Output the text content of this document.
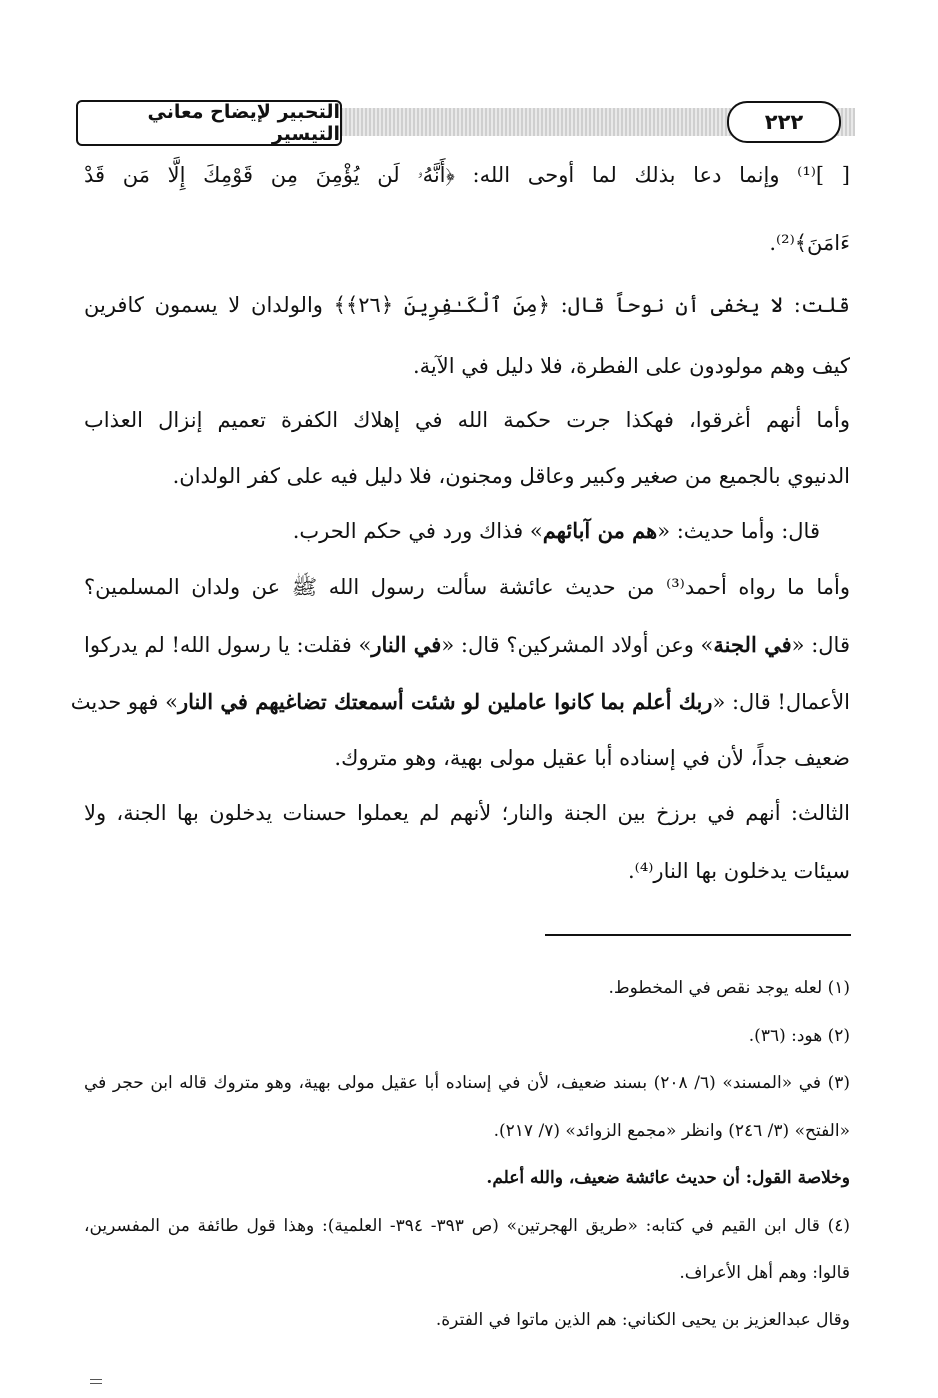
التحبير لإيضاح معاني التيسير	٢٢٢
[ ]⁽¹⁾ وإنما دعا بذلك لما أوحى الله: ﴿أَنَّهُۥ لَن يُؤْمِنَ مِن قَوْمِكَ إِلَّا مَن قَدْ
ءَامَنَ﴾⁽²⁾.
قلت: لا يخفى أن نوحاً قال: ﴿مِنَ ٱلْكَـٰفِرِينَ ﴿٢٦﴾﴾ والولدان لا يسمون كافرين
كيف وهم مولودون على الفطرة، فلا دليل في الآية.
وأما أنهم أغرقوا، فهكذا جرت حكمة الله في إهلاك الكفرة تعميم إنزال العذاب
الدنيوي بالجميع من صغير وكبير وعاقل ومجنون، فلا دليل فيه على كفر الولدان.
قال: وأما حديث: «هم من آبائهم» فذاك ورد في حكم الحرب.
وأما ما رواه أحمد⁽³⁾ من حديث عائشة سألت رسول الله ﷺ عن ولدان المسلمين؟
قال: «في الجنة» وعن أولاد المشركين؟ قال: «في النار» فقلت: يا رسول الله! لم يدركوا
الأعمال! قال: «ربك أعلم بما كانوا عاملين لو شئت أسمعتك تضاغيهم في النار» فهو حديث
ضعيف جداً، لأن في إسناده أبا عقيل مولى بهية، وهو متروك.
الثالث: أنهم في برزخ بين الجنة والنار؛ لأنهم لم يعملوا حسنات يدخلون بها الجنة، ولا
سيئات يدخلون بها النار⁽⁴⁾.
(١) لعله يوجد نقص في المخطوط.
(٢) هود: (٣٦).
(٣) في «المسند» (٦/ ٢٠٨) بسند ضعيف، لأن في إسناده أبا عقيل مولى بهية، وهو متروك قاله ابن حجر في
«الفتح» (٣/ ٢٤٦) وانظر «مجمع الزوائد» (٧/ ٢١٧).
وخلاصة القول: أن حديث عائشة ضعيف، والله أعلم.
(٤) قال ابن القيم في كتابه: «طريق الهجرتين» (ص ٣٩٣- ٣٩٤- العلمية): وهذا قول طائفة من المفسرين،
قالوا: وهم أهل الأعراف.
وقال عبدالعزيز بن يحيى الكناني: هم الذين ماتوا في الفترة.
